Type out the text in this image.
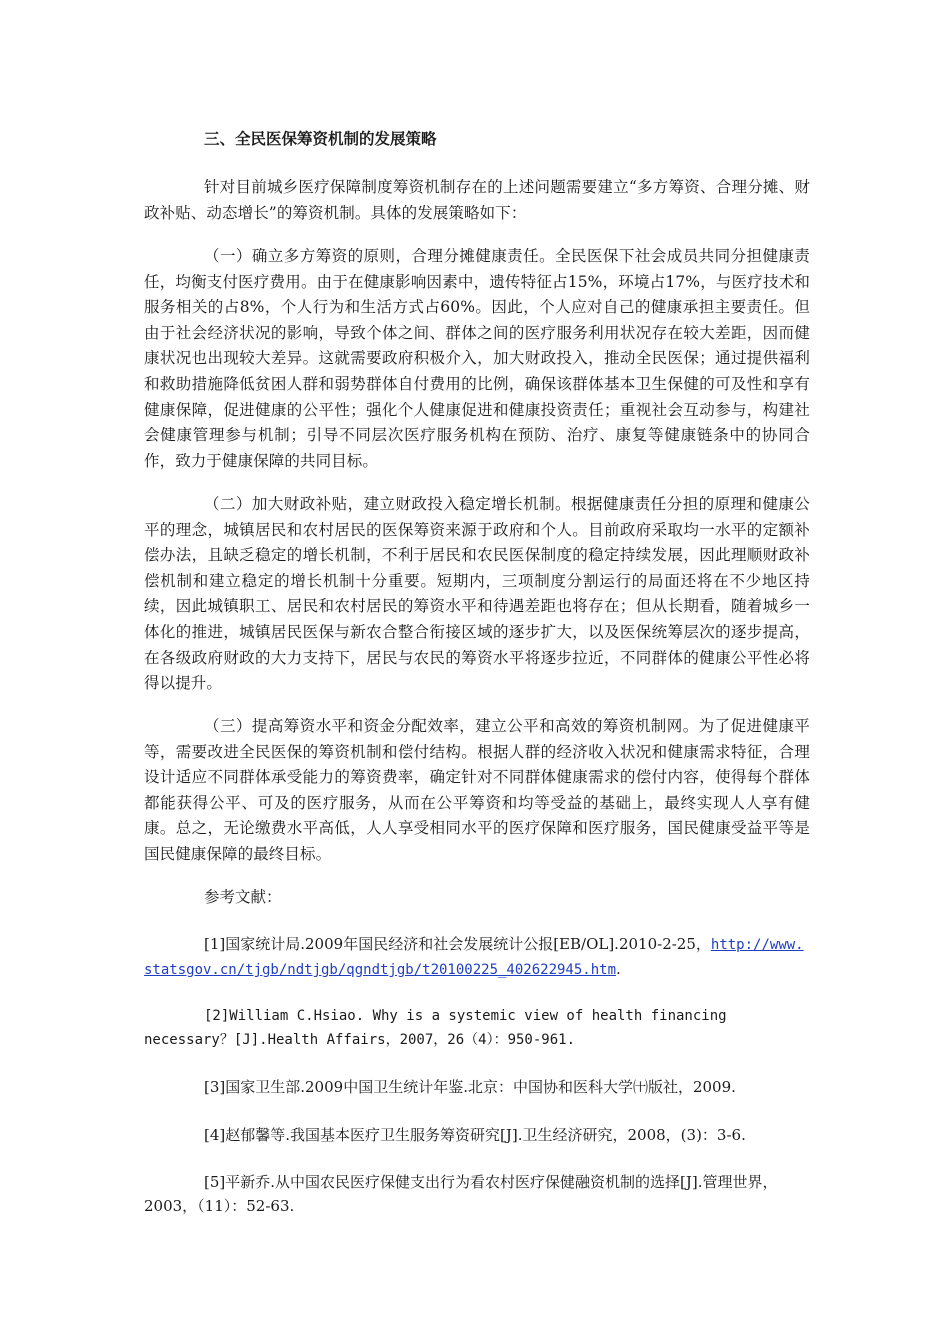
三、全民医保筹资机制的发展策略
针对目前城乡医疗保障制度筹资机制存在的上述问题需要建立“多方筹资、合理分摊、财政补贴、动态增长”的筹资机制。具体的发展策略如下：
（一）确立多方筹资的原则，合理分摊健康责任。全民医保下社会成员共同分担健康责任，均衡支付医疗费用。由于在健康影响因素中，遗传特征占15%，环境占17%，与医疗技术和服务相关的占8%，个人行为和生活方式占60%。因此，个人应对自己的健康承担主要责任。但由于社会经济状况的影响，导致个体之间、群体之间的医疗服务利用状况存在较大差距，因而健康状况也出现较大差异。这就需要政府积极介入，加大财政投入，推动全民医保；通过提供福利和救助措施降低贫困人群和弱势群体自付费用的比例，确保该群体基本卫生保健的可及性和享有健康保障，促进健康的公平性；强化个人健康促进和健康投资责任；重视社会互动参与，构建社会健康管理参与机制；引导不同层次医疗服务机构在预防、治疗、康复等健康链条中的协同合作，致力于健康保障的共同目标。
（二）加大财政补贴，建立财政投入稳定增长机制。根据健康责任分担的原理和健康公平的理念，城镇居民和农村居民的医保筹资来源于政府和个人。目前政府采取均一水平的定额补偿办法，且缺乏稳定的增长机制，不利于居民和农民医保制度的稳定持续发展，因此理顺财政补偿机制和建立稳定的增长机制十分重要。短期内，三项制度分割运行的局面还将在不少地区持续，因此城镇职工、居民和农村居民的筹资水平和待遇差距也将存在；但从长期看，随着城乡一体化的推进，城镇居民医保与新农合整合衔接区域的逐步扩大，以及医保统筹层次的逐步提高，在各级政府财政的大力支持下，居民与农民的筹资水平将逐步拉近，不同群体的健康公平性必将得以提升。
（三）提高筹资水平和资金分配效率，建立公平和高效的筹资机制网。为了促进健康平等，需要改进全民医保的筹资机制和偿付结构。根据人群的经济收入状况和健康需求特征，合理设计适应不同群体承受能力的筹资费率，确定针对不同群体健康需求的偿付内容，使得每个群体都能获得公平、可及的医疗服务，从而在公平筹资和均等受益的基础上，最终实现人人享有健康。总之，无论缴费水平高低，人人享受相同水平的医疗保障和医疗服务，国民健康受益平等是国民健康保障的最终目标。
参考文献：
[1]国家统计局.2009年国民经济和社会发展统计公报[EB/OL].2010-2-25，http://www.statsgov.cn/tjgb/ndtjgb/qgndtjgb/t20100225_402622945.htm.
[2]William C.Hsiao. Why is a systemic view of health financing necessary？[J].Health Affairs，2007，26（4）：950-961.
[3]国家卫生部.2009中国卫生统计年鉴.北京：中国协和医科大学㈩版社，2009.
[4]赵郁馨等.我国基本医疗卫生服务筹资研究[J].卫生经济研究，2008，(3)：3-6.
[5]平新乔.从中国农民医疗保健支出行为看农村医疗保健融资机制的选择[J].管理世界，2003，（11）：52-63.
